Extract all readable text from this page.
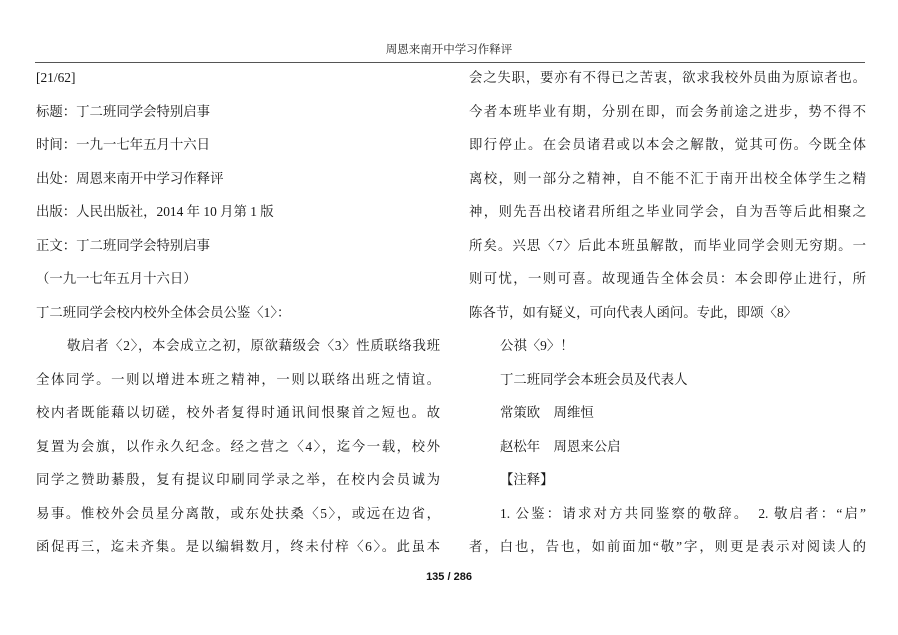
周恩来南开中学习作释评
[21/62]
标题：丁二班同学会特别启事
时间：一九一七年五月十六日
出处：周恩来南开中学习作释评
出版：人民出版社，2014 年 10 月第 1 版
正文：丁二班同学会特别启事
（一九一七年五月十六日）
丁二班同学会校内校外全体会员公鉴〈1〉：
敬启者〈2〉，本会成立之初，原欲藉级会〈3〉性质联络我班
全体同学。一则以增进本班之精神，一则以联络出班之情谊。
校内者既能藉以切磋，校外者复得时通讯间恨聚首之短也。故
复置为会旗，以作永久纪念。经之营之〈4〉，迄今一载，校外
同学之赞助綦殷，复有提议印刷同学录之举，在校内会员诚为
易事。惟校外会员星分离散，或东处扶桑〈5〉，或远在边省，
函促再三，迄未齐集。是以编辑数月，终未付梓〈6〉。此虽本
会之失职，要亦有不得已之苦衷，欲求我校外员曲为原谅者也。
今者本班毕业有期，分别在即，而会务前途之进步，势不得不
即行停止。在会员诸君或以本会之解散，觉其可伤。今既全体
离校，则一部分之精神，自不能不汇于南开出校全体学生之精
神，则先吾出校诸君所组之毕业同学会，自为吾等后此相聚之
所矣。兴思〈7〉后此本班虽解散，而毕业同学会则无穷期。一
则可忧，一则可喜。故现通告全体会员：本会即停止进行，所
陈各节，如有疑义，可向代表人函问。专此，即颂〈8〉
公祺〈9〉！
丁二班同学会本班会员及代表人
常策欧　周维恒
赵松年　周恩来公启
【注释】
1. 公鉴：请求对方共同鉴察的敬辞。　2. 敬启者：“启”
者，白也，告也，如前面加“敬”字，则更是表示对阅读人的
135 / 286
